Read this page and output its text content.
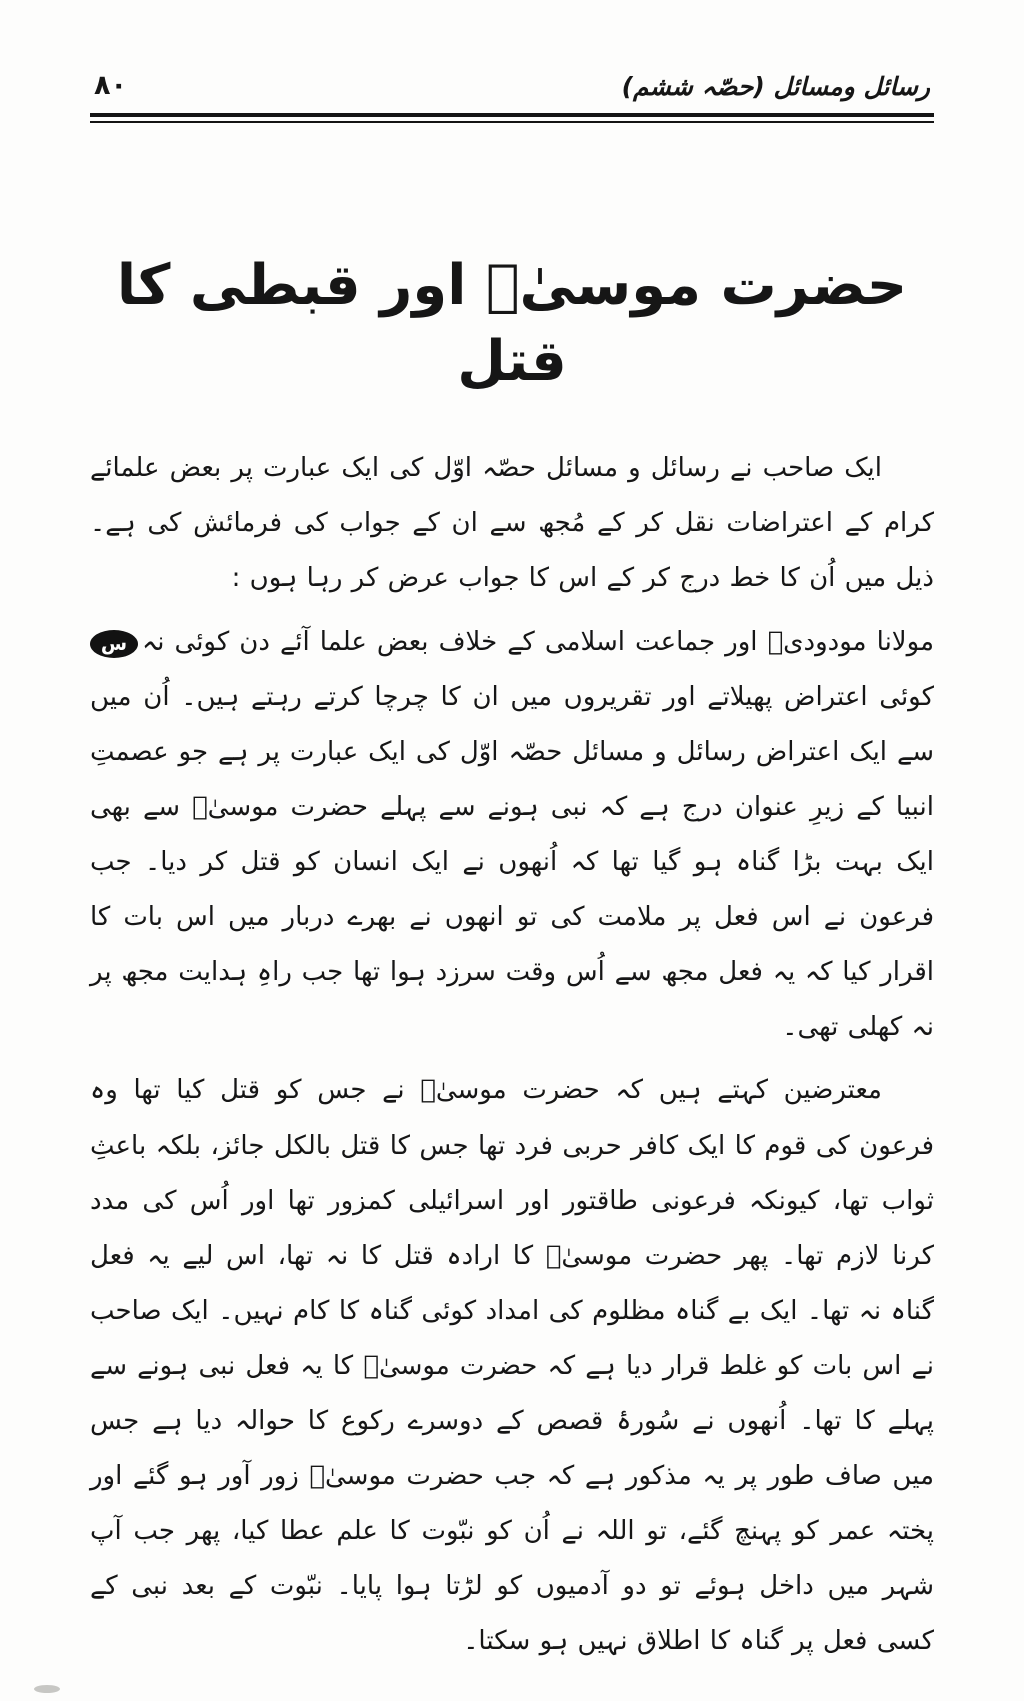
رسائل ومسائل (حصّہ ششم)
۸۰
حضرت موسیٰؑ اور قبطی کا قتل

ایک صاحب نے رسائل و مسائل حصّہ اوّل کی ایک عبارت پر بعض علمائے کرام کے اعتراضات نقل کر کے مُجھ سے ان کے جواب کی فرمائش کی ہے۔ ذیل میں اُن کا خط درج کر کے اس کا جواب عرض کر رہا ہوں :

س مولانا مودودیؒ اور جماعت اسلامی کے خلاف بعض علما آئے دن کوئی نہ کوئی اعتراض پھیلاتے اور تقریروں میں ان کا چرچا کرتے رہتے ہیں۔ اُن میں سے ایک اعتراض رسائل و مسائل حصّہ اوّل کی ایک عبارت پر ہے جو عصمتِ انبیا کے زیرِ عنوان درج ہے کہ نبی ہونے سے پہلے حضرت موسیٰؑ سے بھی ایک بہت بڑا گناہ ہو گیا تھا کہ اُنھوں نے ایک انسان کو قتل کر دیا۔ جب فرعون نے اس فعل پر ملامت کی تو انھوں نے بھرے دربار میں اس بات کا اقرار کیا کہ یہ فعل مجھ سے اُس وقت سرزد ہوا تھا جب راہِ ہدایت مجھ پر نہ کھلی تھی۔

معترضین کہتے ہیں کہ حضرت موسیٰؑ نے جس کو قتل کیا تھا وہ فرعون کی قوم کا ایک کافر حربی فرد تھا جس کا قتل بالکل جائز، بلکہ باعثِ ثواب تھا، کیونکہ فرعونی طاقتور اور اسرائیلی کمزور تھا اور اُس کی مدد کرنا لازم تھا۔ پھر حضرت موسیٰؑ کا ارادہ قتل کا نہ تھا، اس لیے یہ فعل گناہ نہ تھا۔ ایک بے گناہ مظلوم کی امداد کوئی گناہ کا کام نہیں۔ ایک صاحب نے اس بات کو غلط قرار دیا ہے کہ حضرت موسیٰؑ کا یہ فعل نبی ہونے سے پہلے کا تھا۔ اُنھوں نے سُورۂ قصص کے دوسرے رکوع کا حوالہ دیا ہے جس میں صاف طور پر یہ مذکور ہے کہ جب حضرت موسیٰؑ زور آور ہو گئے اور پختہ عمر کو پہنچ گئے، تو اللہ نے اُن کو نبّوت کا علم عطا کیا، پھر جب آپ شہر میں داخل ہوئے تو دو آدمیوں کو لڑتا ہوا پایا۔ نبّوت کے بعد نبی کے کسی فعل پر گناہ کا اطلاق نہیں ہو سکتا۔
